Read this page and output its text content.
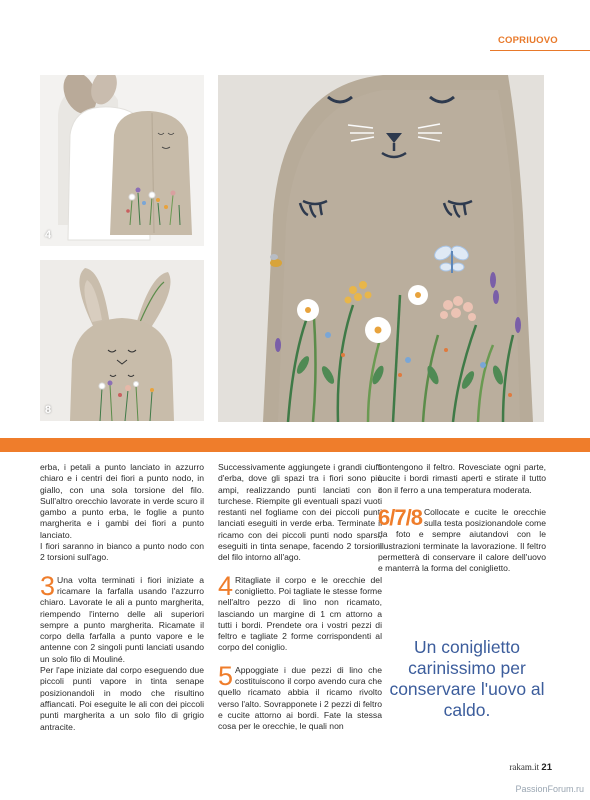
COPRIUOVO
4
8

erba, i petali a punto lanciato in azzurro chiaro e i centri dei fiori a punto nodo, in giallo, con una sola torsione del filo. Sull'altro orecchio lavorate in verde scuro il gambo a punto erba, le foglie a punto margherita e i gambi dei fiori a punto lanciato.

I fiori saranno in bianco a punto nodo con 2 torsioni sull'ago.

3 Una volta terminati i fiori iniziate a ricamare la farfalla usando l'azzurro chiaro. Lavorate le ali a punto margherita, riempendo l'interno delle ali superiori sempre a punto margherita. Ricamate il corpo della farfalla a punto vapore e le antenne con 2 singoli punti lanciati usando un solo filo di Mouliné.

Per l'ape iniziate dal corpo eseguendo due piccoli punti vapore in tinta senape posizionandoli in modo che risultino affiancati. Poi eseguite le ali con dei piccoli punti margherita a un solo filo di grigio antracite.

Successivamente aggiungete i grandi ciuffi d'erba, dove gli spazi tra i fiori sono più ampi, realizzando punti lanciati con il turchese. Riempite gli eventuali spazi vuoti restanti nel fogliame con dei piccoli punti lanciati eseguiti in verde erba. Terminate il ricamo con dei piccoli punti nodo sparsi, eseguiti in tinta senape, facendo 2 torsioni del filo intorno all'ago.

4 Ritagliate il corpo e le orecchie del coniglietto. Poi tagliate le stesse forme nell'altro pezzo di lino non ricamato, lasciando un margine di 1 cm attorno a tutti i bordi. Prendete ora i vostri pezzi di feltro e tagliate 2 forme corrispondenti al corpo del coniglio.
5 Appoggiate i due pezzi di lino che costituiscono il corpo avendo cura che quello ricamato abbia il ricamo rivolto verso l'alto. Sovrapponete i 2 pezzi di feltro e cucite attorno ai bordi. Fate la stessa cosa per le orecchie, le quali non

contengono il feltro. Rovesciate ogni parte, cucite i bordi rimasti aperti e stirate il tutto con il ferro a una temperatura moderata.

6/7/8 Collocate e cucite le orecchie sulla testa posizionandole come da foto e sempre aiutandovi con le illustrazioni terminate la lavorazione. Il feltro permetterà di conservare il calore dell'uovo e manterrà la forma del coniglietto.
Un coniglietto carinissimo per conservare l'uovo al caldo.
rakam.it 21
PassionForum.ru
